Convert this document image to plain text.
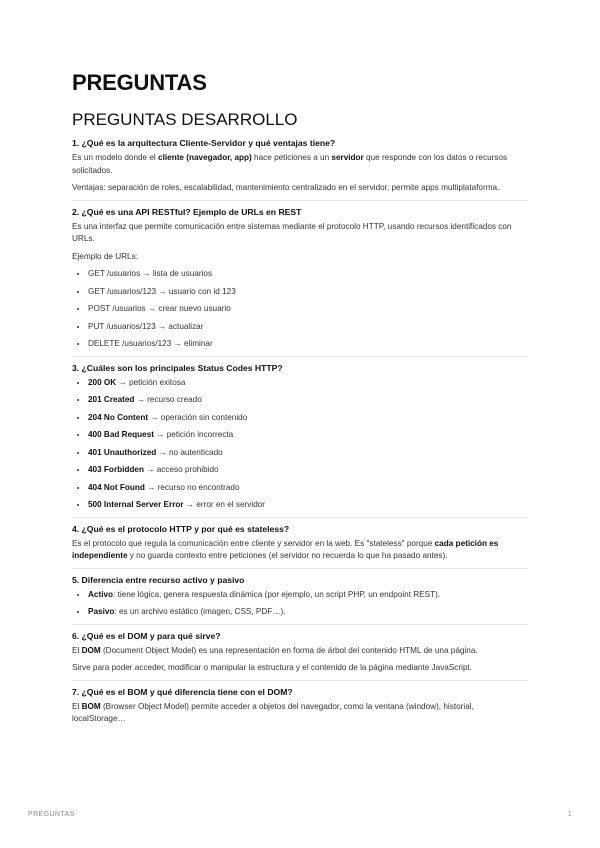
PREGUNTAS
PREGUNTAS DESARROLLO
1. ¿Qué es la arquitectura Cliente-Servidor y qué ventajas tiene?
Es un modelo donde el cliente (navegador, app) hace peticiones a un servidor que responde con los datos o recursos solicitados.
Ventajas: separación de roles, escalabilidad, mantenimiento centralizado en el servidor, permite apps multiplataforma.
2. ¿Qué es una API RESTful? Ejemplo de URLs en REST
Es una interfaz que permite comunicación entre sistemas mediante el protocolo HTTP, usando recursos identificados con URLs.
Ejemplo de URLs:
• GET /usuarios → lista de usuarios
• GET /usuarios/123 → usuario con id 123
• POST /usuarios → crear nuevo usuario
• PUT /usuarios/123 → actualizar
• DELETE /usuarios/123 → eliminar
3. ¿Cuáles son los principales Status Codes HTTP?
• 200 OK → petición exitosa
• 201 Created → recurso creado
• 204 No Content → operación sin contenido
• 400 Bad Request → petición incorrecta
• 401 Unauthorized → no autenticado
• 403 Forbidden → acceso prohibido
• 404 Not Found → recurso no encontrado
• 500 Internal Server Error → error en el servidor
4. ¿Qué es el protocolo HTTP y por qué es stateless?
Es el protocolo que regula la comunicación entre cliente y servidor en la web. Es "stateless" porque cada petición es independiente y no guarda contexto entre peticiones (el servidor no recuerda lo que ha pasado antes).
5. Diferencia entre recurso activo y pasivo
• Activo: tiene lógica, genera respuesta dinámica (por ejemplo, un script PHP, un endpoint REST).
• Pasivo: es un archivo estático (imagen, CSS, PDF…).
6. ¿Qué es el DOM y para qué sirve?
El DOM (Document Object Model) es una representación en forma de árbol del contenido HTML de una página.
Sirve para poder acceder, modificar o manipular la estructura y el contenido de la página mediante JavaScript.
7. ¿Qué es el BOM y qué diferencia tiene con el DOM?
El BOM (Browser Object Model) permite acceder a objetos del navegador, como la ventana (window), historial, localStorage…
PREGUNTAS	1
